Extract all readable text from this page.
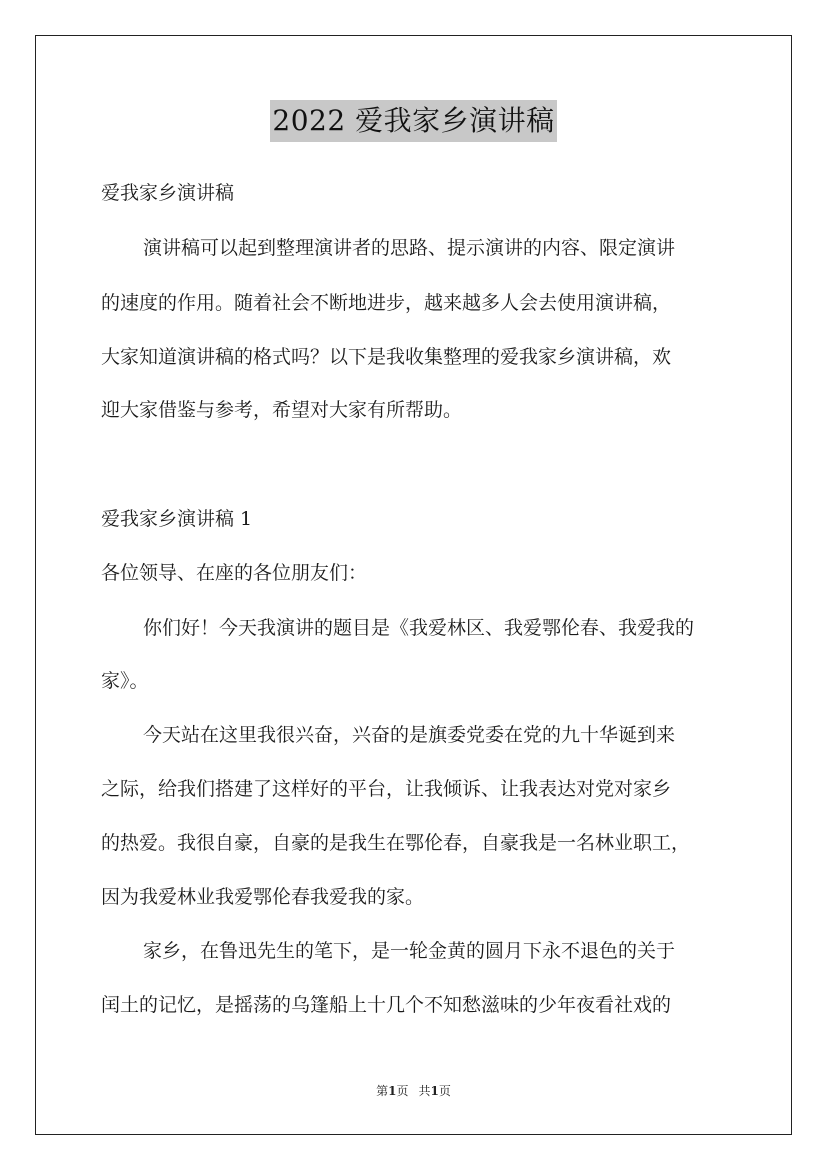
2022 爱我家乡演讲稿
爱我家乡演讲稿
演讲稿可以起到整理演讲者的思路、提示演讲的内容、限定演讲
的速度的作用。随着社会不断地进步，越来越多人会去使用演讲稿，
大家知道演讲稿的格式吗？以下是我收集整理的爱我家乡演讲稿，欢
迎大家借鉴与参考，希望对大家有所帮助。
爱我家乡演讲稿 1
各位领导、在座的各位朋友们：
你们好！今天我演讲的题目是《我爱林区、我爱鄂伦春、我爱我的
家》。
今天站在这里我很兴奋，兴奋的是旗委党委在党的九十华诞到来
之际，给我们搭建了这样好的平台，让我倾诉、让我表达对党对家乡
的热爱。我很自豪，自豪的是我生在鄂伦春，自豪我是一名林业职工，
因为我爱林业我爱鄂伦春我爱我的家。
家乡，在鲁迅先生的笔下，是一轮金黄的圆月下永不退色的关于
闰土的记忆，是摇荡的乌篷船上十几个不知愁滋味的少年夜看社戏的
第1页 共1页
